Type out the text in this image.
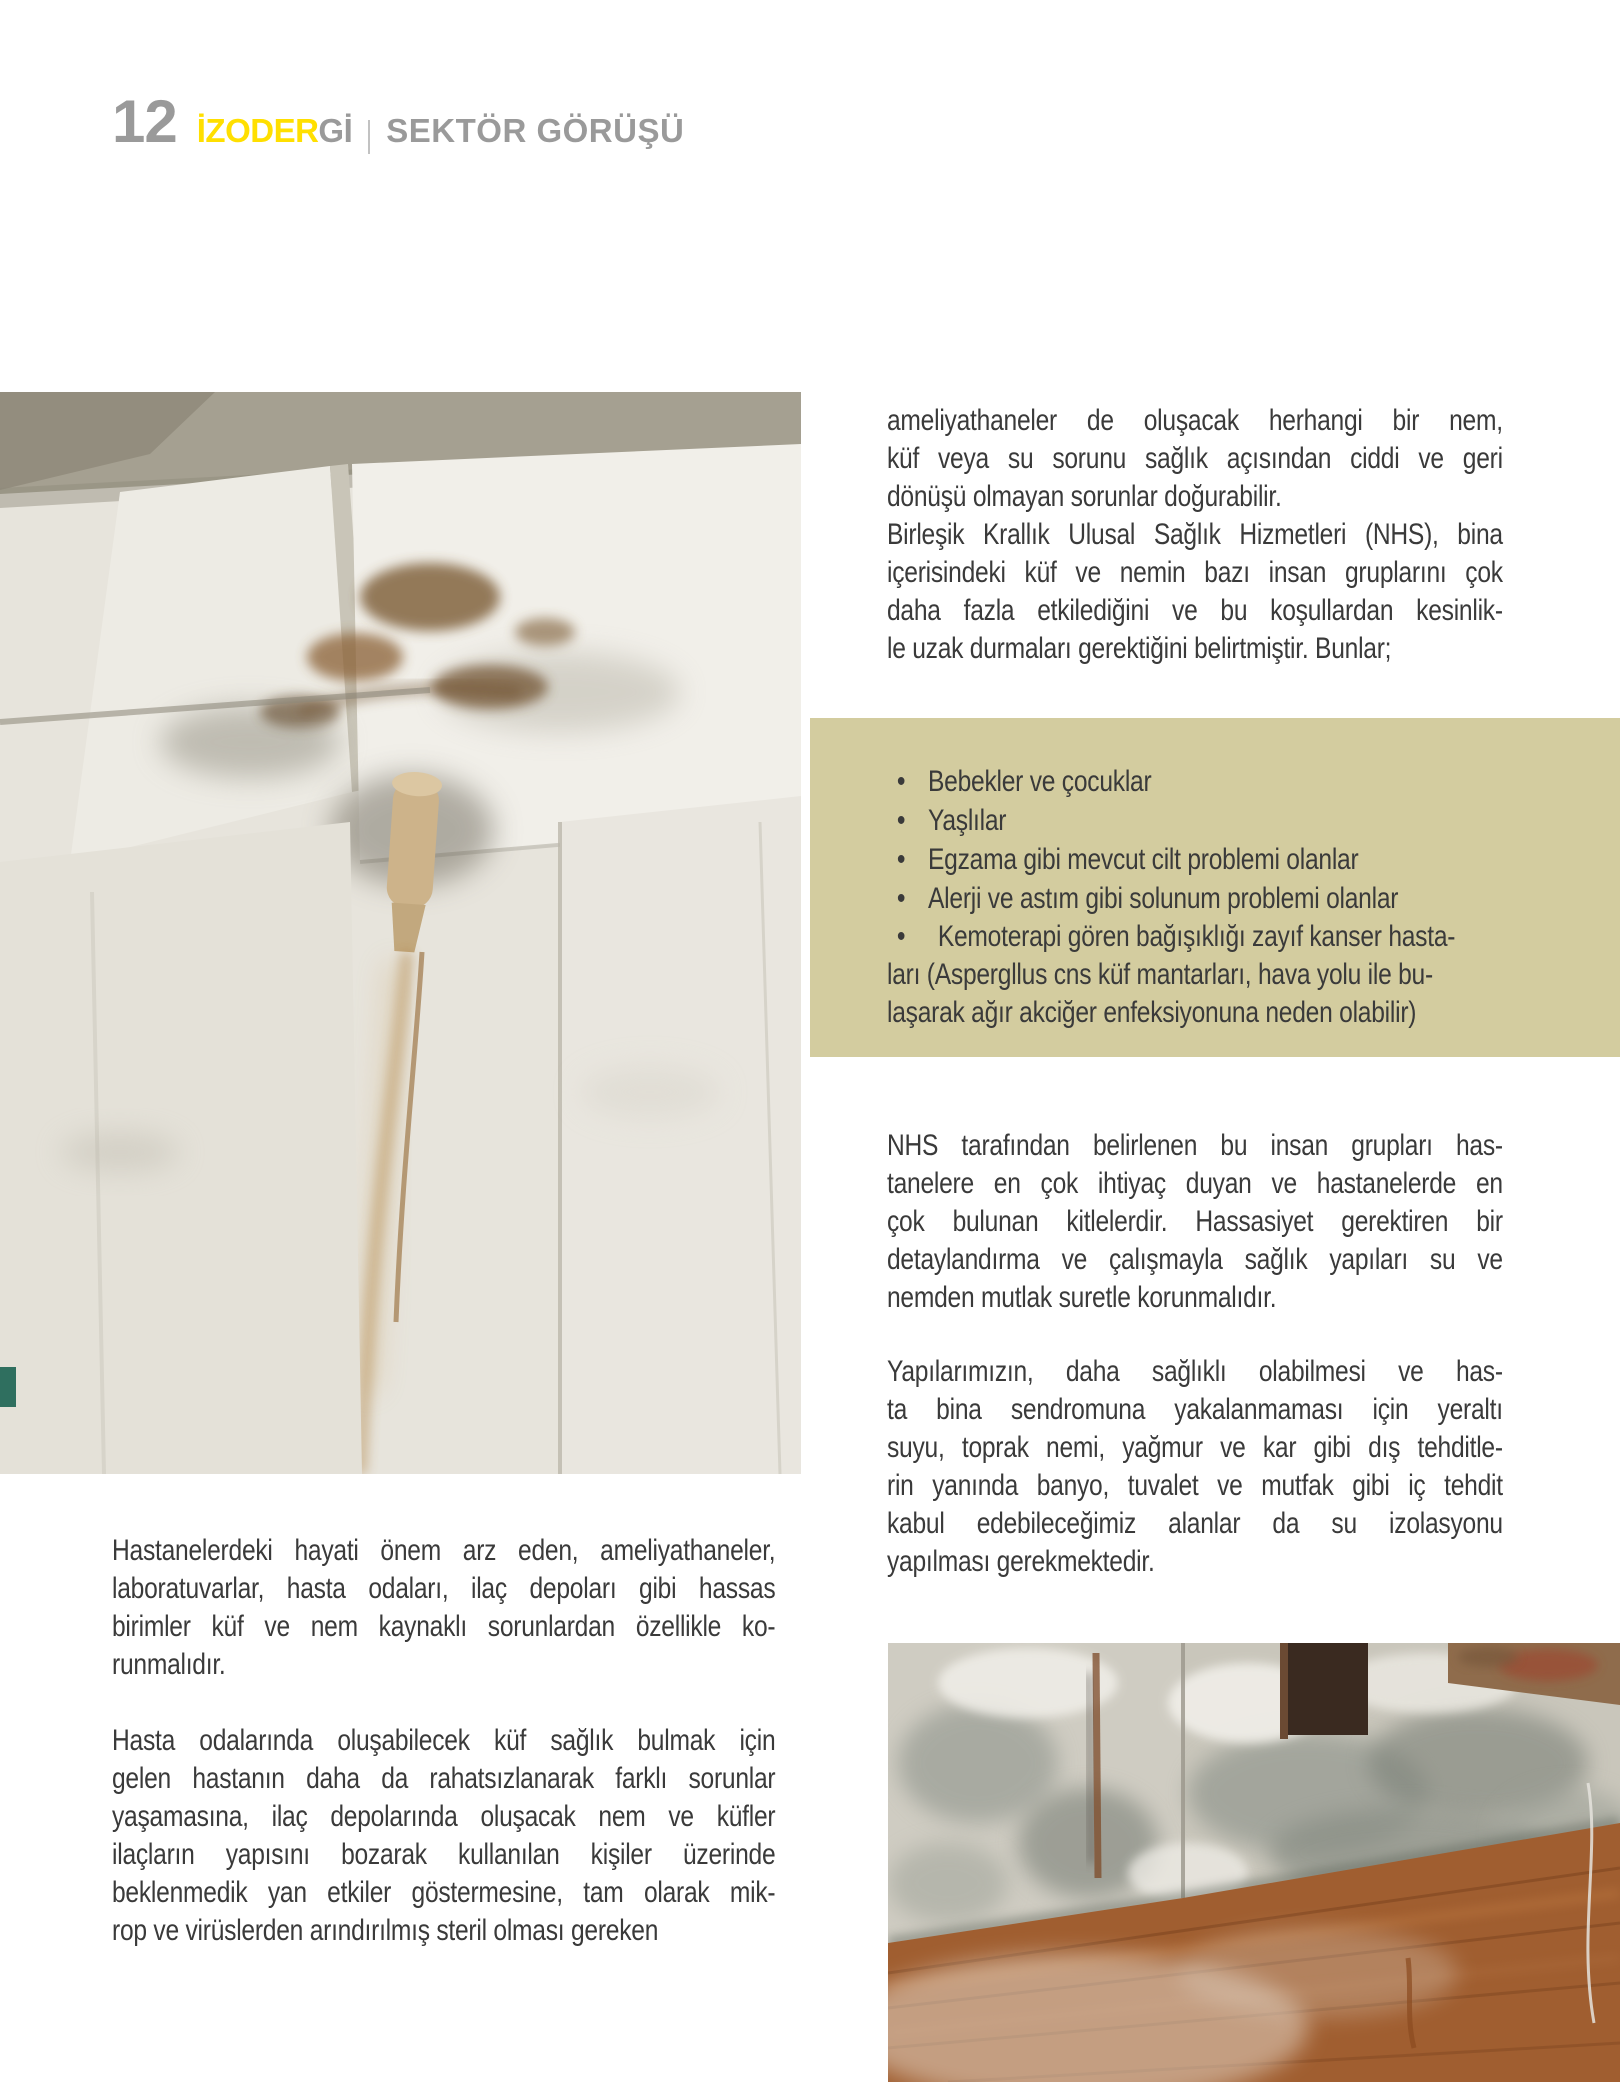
12 İZODERGİ SEKTÖR GÖRÜŞÜ
ameliyathaneler de oluşacak herhangi bir nem,
küf veya su sorunu sağlık açısından ciddi ve geri
dönüşü olmayan sorunlar doğurabilir.
Birleşik Krallık Ulusal Sağlık Hizmetleri (NHS), bina
içerisindeki küf ve nemin bazı insan gruplarını çok
daha fazla etkilediğini ve bu koşullardan kesinlik-
le uzak durmaları gerektiğini belirtmiştir. Bunlar;
• Bebekler ve çocuklar
• Yaşlılar
• Egzama gibi mevcut cilt problemi olanlar
• Alerji ve astım gibi solunum problemi olanlar
•	Kemoterapi gören bağışıklığı zayıf kanser hasta-
ları (Aspergllus cns küf mantarları, hava yolu ile bu-
laşarak ağır akciğer enfeksiyonuna neden olabilir)
NHS tarafından belirlenen bu insan grupları has-
tanelere en çok ihtiyaç duyan ve hastanelerde en
çok bulunan kitlelerdir. Hassasiyet gerektiren bir
detaylandırma ve çalışmayla sağlık yapıları su ve
nemden mutlak suretle korunmalıdır.
Yapılarımızın, daha sağlıklı olabilmesi ve has-
ta bina sendromuna yakalanmaması için yeraltı
suyu, toprak nemi, yağmur ve kar gibi dış tehditle-
rin yanında banyo, tuvalet ve mutfak gibi iç tehdit
kabul edebileceğimiz alanlar da su izolasyonu
yapılması gerekmektedir.
Hastanelerdeki hayati önem arz eden, ameliyathaneler,
laboratuvarlar, hasta odaları, ilaç depoları gibi hassas
birimler küf ve nem kaynaklı sorunlardan özellikle ko-
runmalıdır.
Hasta odalarında oluşabilecek küf sağlık bulmak için
gelen hastanın daha da rahatsızlanarak farklı sorunlar
yaşamasına, ilaç depolarında oluşacak nem ve küfler
ilaçların yapısını bozarak kullanılan kişiler üzerinde
beklenmedik yan etkiler göstermesine, tam olarak mik-
rop ve virüslerden arındırılmış steril olması gereken
